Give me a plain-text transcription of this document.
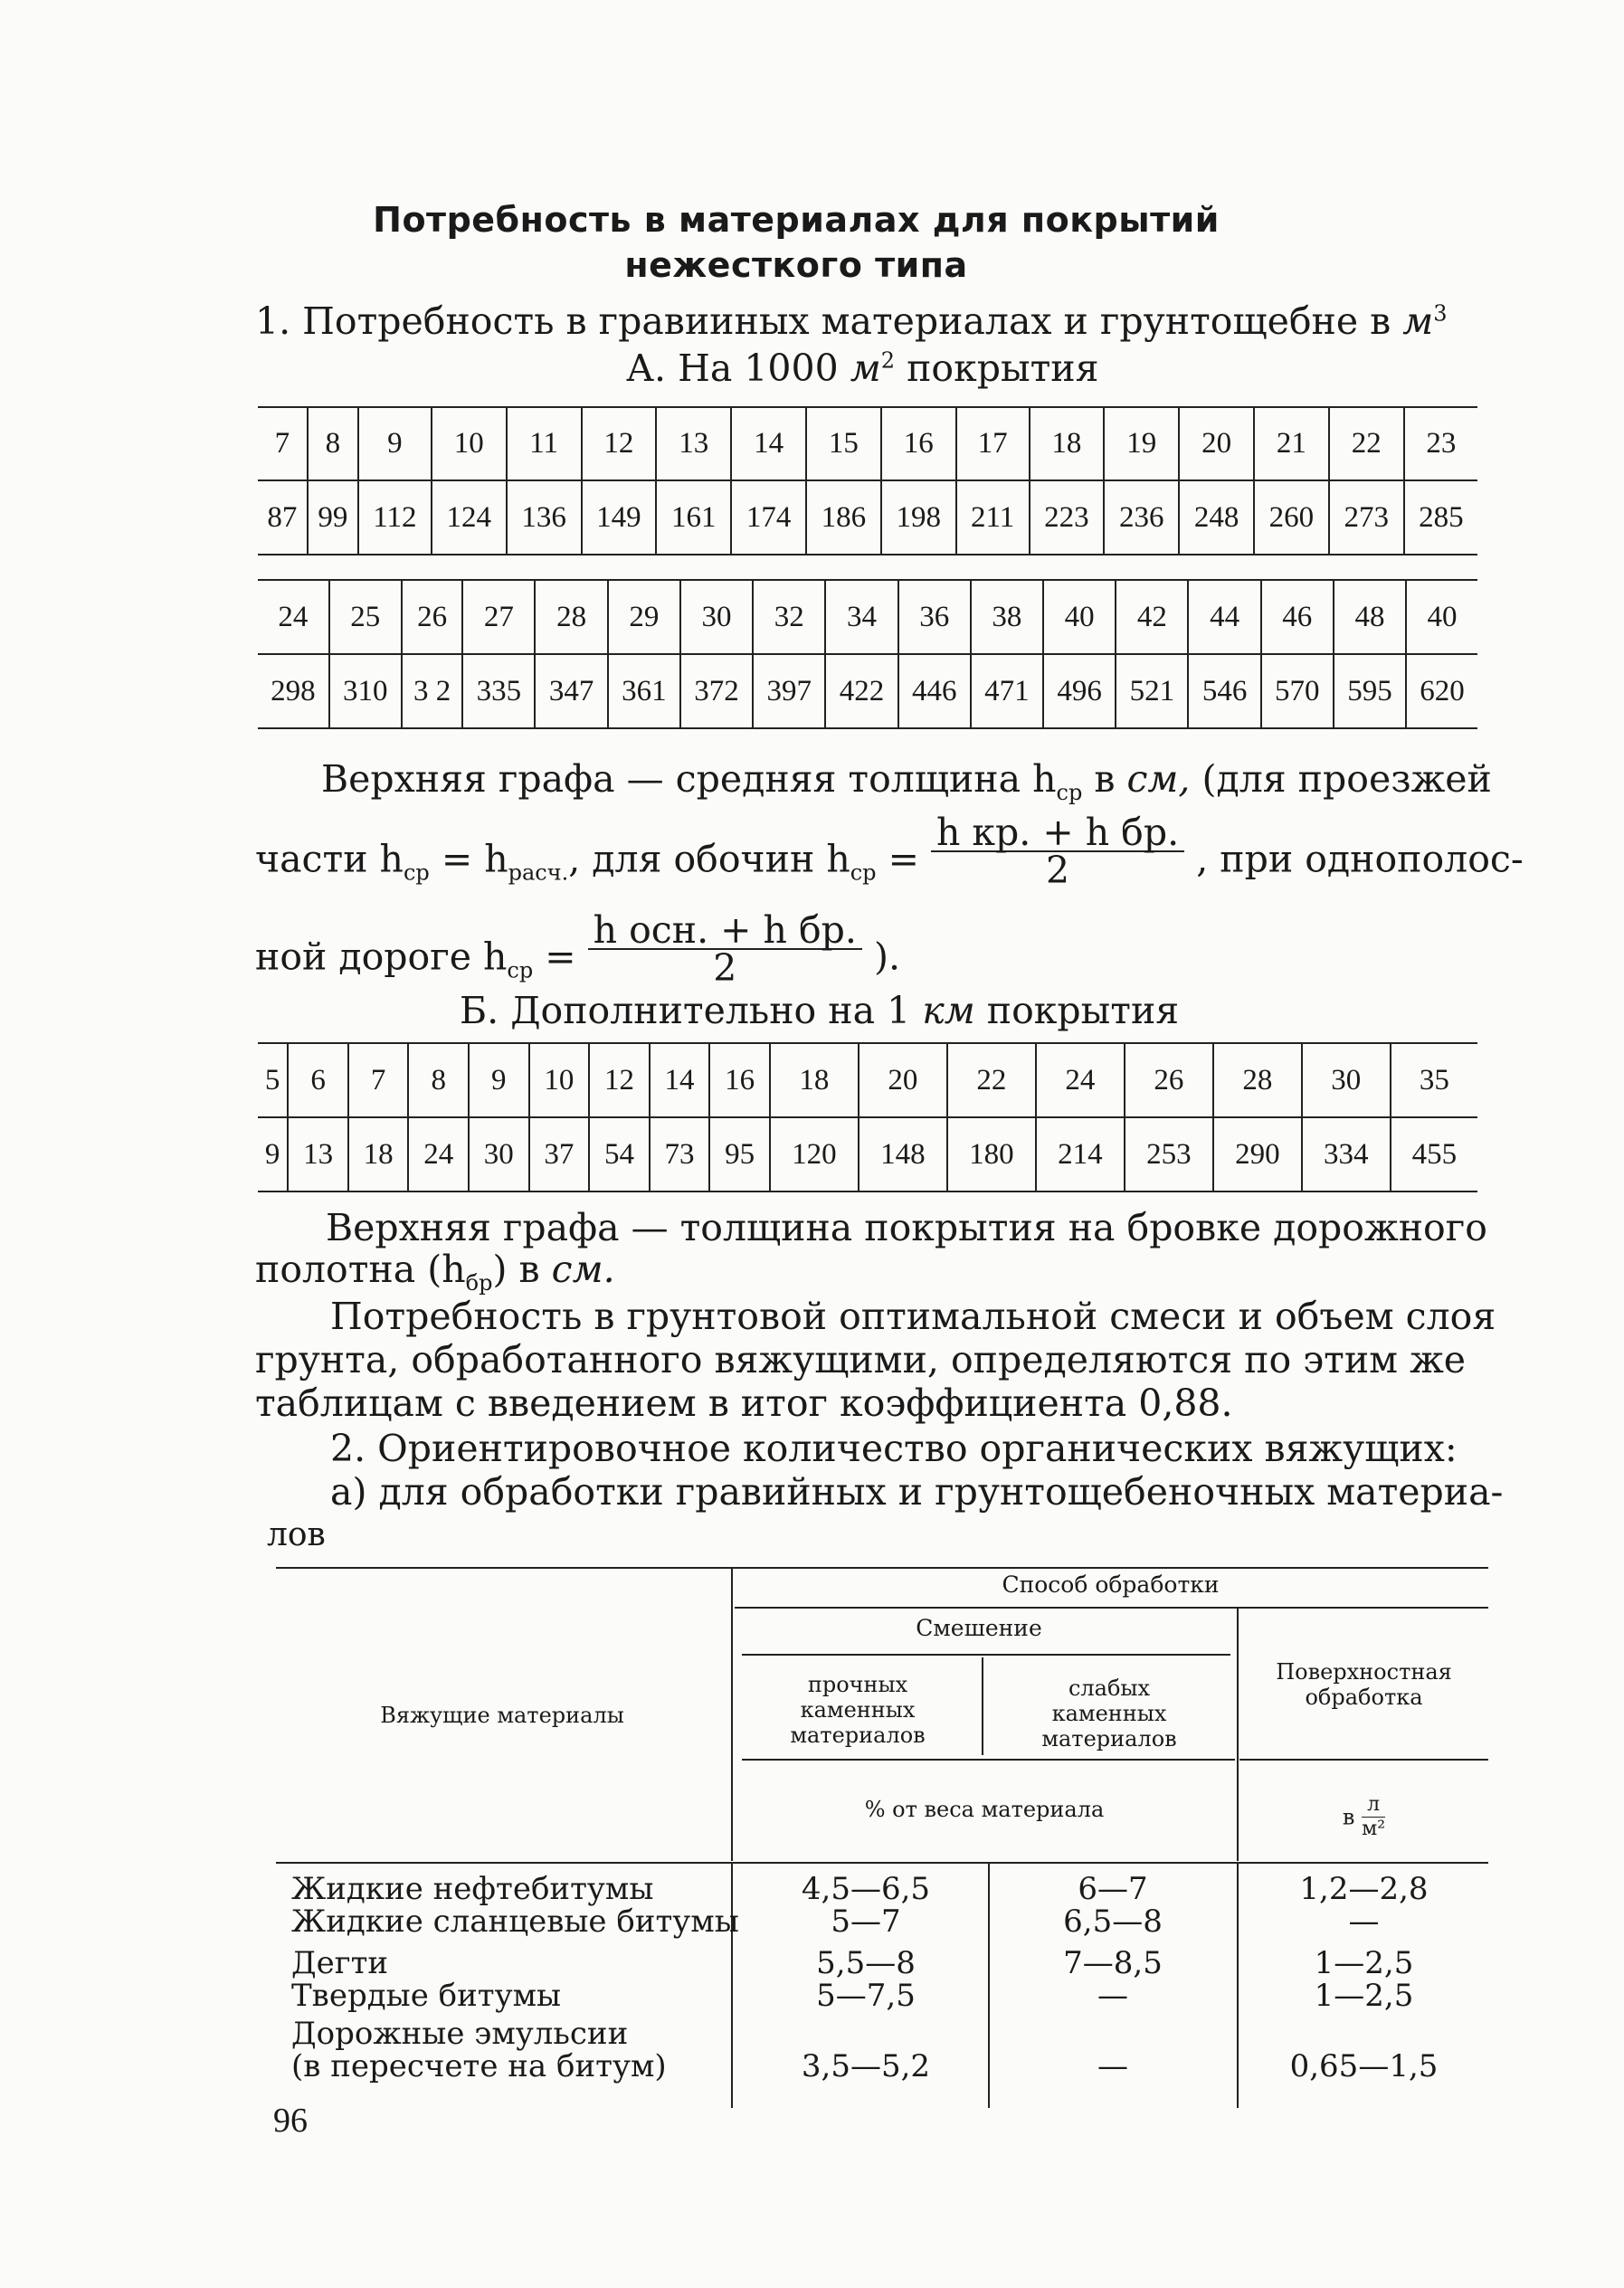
Потребность в материалах для покрытий
нежесткого типа
1. Потребность в гравииных материалах и грунтощебне в $м^3$
А. На 1000 $м^2$ покрытия
7	8	9	10	11	12	13	14	15	16	17	18	19	20	21	22	23
87	99	112	124	136	149	161	174	186	198	211	223	236	248	260	273	285
24	25	26	27	28	29	30	32	34	36	38	40	42	44	46	48	40
298	310	3 2	335	347	361	372	397	422	446	471	496	521	546	570	595	620
Верхняя графа — средняя толщина $h_{ср}$ в см, (для проезжей
части $h_{ср} = h_{расч.}$, для обочин $h_{ср} = \frac{\text{h кр. + h бр.}}{2}$ , при однополос-
ной дороге $h_{ср} = \frac{\text{h осн. + h бр.}}{2}$ ).
Б. Дополнительно на 1 км покрытия
5	6	7	8	9	10	12	14	16	18	20	22	24	26	28	30	35
9	13	18	24	30	37	54	73	95	120	148	180	214	253	290	334	455
Верхняя графа — толщина покрытия на бровке дорожного
полотна $(h_{бр})$ в см.
Потребность в грунтовой оптимальной смеси и объем слоя
грунта, обработанного вяжущими, определяются по этим же
таблицам с введением в итог коэффициента 0,88.
2. Ориентировочное количество органических вяжущих:
а) для обработки гравийных и грунтощебеночных материа-
лов
Способ обработки
Смешение
прочных
каменных
материалов
слабых
каменных
материалов
Поверхностная
обработка
Вяжущие материалы
% от веса материала	в $\frac{л}{\text{м²}}$
Жидкие нефтебитумы	4,5—6,5	6—7	1,2—2,8
Жидкие сланцевые битумы	5—7	6,5—8	—
Дегти	5,5—8	7—8,5	1—2,5
Твердые битумы	5—7,5	—	1—2,5
Дорожные эмульсии
(в пересчете на битум)	3,5—5,2	—	0,65—1,5
96
